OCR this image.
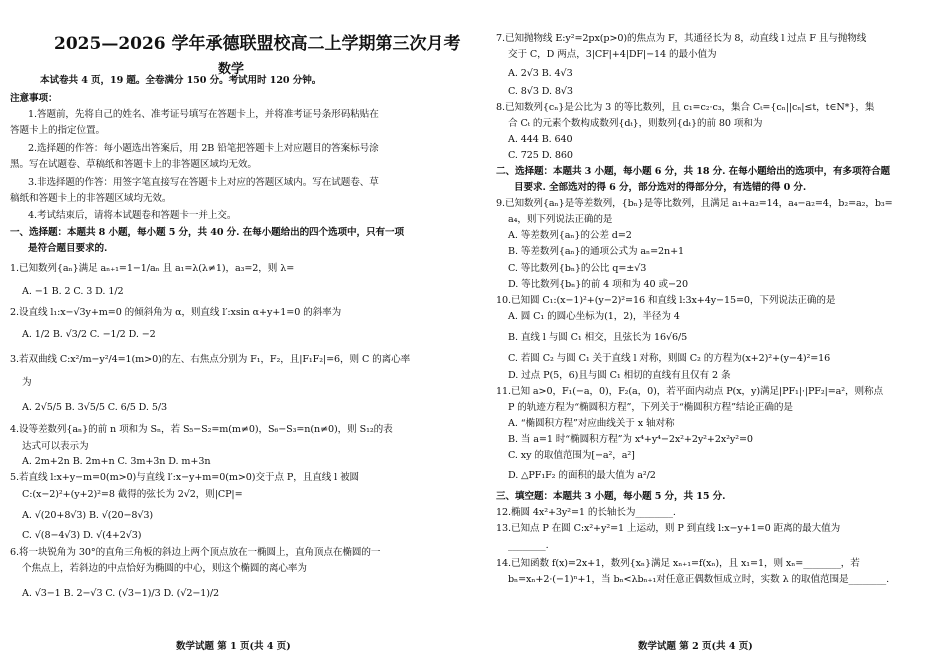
2025—2026 学年承德联盟校高二上学期第三次月考
数学
本试卷共 4 页，19 题。全卷满分 150 分。考试用时 120 分钟。
注意事项：
1.答题前，先将自己的姓名、准考证号填写在答题卡上，并将准考证号条形码粘贴在
答题卡上的指定位置。
2.选择题的作答：每小题选出答案后，用 2B 铅笔把答题卡上对应题目的答案标号涂
黑。写在试题卷、草稿纸和答题卡上的非答题区域均无效。
3.非选择题的作答：用签字笔直接写在答题卡上对应的答题区域内。写在试题卷、草
稿纸和答题卡上的非答题区域均无效。
4.考试结束后，请将本试题卷和答题卡一并上交。
一、选择题：本题共 8 小题，每小题 5 分，共 40 分. 在每小题给出的四个选项中，只有一项
是符合题目要求的.
1.已知数列{aₙ}满足 aₙ₊₁=1−1/aₙ 且 a₁=λ(λ≠1)，a₃=2，则 λ=
A. −1 B. 2 C. 3 D. 1/2
2.设直线 l₁:x−√3y+m=0 的倾斜角为 α，则直线 l′:xsin α+y+1=0 的斜率为
A. 1/2 B. √3/2 C. −1/2 D. −2
3.若双曲线 C:x²/m−y²/4=1(m>0)的左、右焦点分别为 F₁，F₂，且|F₁F₂|=6，则 C 的离心率
为
A. 2√5/5 B. 3√5/5 C. 6/5 D. 5/3
4.设等差数列{aₙ}的前 n 项和为 Sₙ，若 S₅−S₂=m(m≠0)，S₆−S₃=n(n≠0)，则 S₁₂的表
达式可以表示为
A. 2m+2n B. 2m+n C. 3m+3n D. m+3n
5.若直线 l:x+y−m=0(m>0)与直线 l′:x−y+m=0(m>0)交于点 P，且直线 l 被圆
C:(x−2)²+(y+2)²=8 截得的弦长为 2√2，则|CP|=
A. √(20+8√3) B. √(20−8√3)
C. √(8−4√3) D. √(4+2√3)
6.将一块锐角为 30°的直角三角板的斜边上两个顶点放在一椭圆上，直角顶点在椭圆的一
个焦点上，若斜边的中点恰好为椭圆的中心，则这个椭圆的离心率为
A. √3−1 B. 2−√3 C. (√3−1)/3 D. (√2−1)/2
数学试题 第 1 页(共 4 页)
7.已知抛物线 E:y²=2px(p>0)的焦点为 F，其通径长为 8，动直线 l 过点 F 且与抛物线
交于 C，D 两点，3|CF|+4|DF|−14 的最小值为
A. 2√3 B. 4√3
C. 8√3 D. 8√3
8.已知数列{cₙ}是公比为 3 的等比数列，且 c₁=c₂·c₃，集合 Cₜ={cₙ||cₙ|≤t，t∈N*}，集
合 Cₜ 的元素个数构成数列{dₜ}，则数列{dₜ}的前 80 项和为
A. 444 B. 640
C. 725 D. 860
二、选择题：本题共 3 小题，每小题 6 分，共 18 分. 在每小题给出的选项中，有多项符合题
目要求. 全部选对的得 6 分，部分选对的得部分分，有选错的得 0 分.
9.已知数列{aₙ}是等差数列，{bₙ}是等比数列，且满足 a₁+a₂=14，a₄−a₂=4，b₂=a₂，b₃=
a₄，则下列说法正确的是
A. 等差数列{aₙ}的公差 d=2
B. 等差数列{aₙ}的通项公式为 aₙ=2n+1
C. 等比数列{bₙ}的公比 q=±√3
D. 等比数列{bₙ}的前 4 项和为 40 或−20
10.已知圆 C₁:(x−1)²+(y−2)²=16 和直线 l:3x+4y−15=0，下列说法正确的是
A. 圆 C₁ 的圆心坐标为(1，2)，半径为 4
B. 直线 l 与圆 C₁ 相交，且弦长为 16√6/5
C. 若圆 C₂ 与圆 C₁ 关于直线 l 对称，则圆 C₂ 的方程为(x+2)²+(y−4)²=16
D. 过点 P(5，6)且与圆 C₁ 相切的直线有且仅有 2 条
11.已知 a>0，F₁(−a，0)，F₂(a，0)，若平面内动点 P(x，y)满足|PF₁|·|PF₂|=a²，则称点
P 的轨迹方程为“椭圆积方程”，下列关于“椭圆积方程”结论正确的是
A. “椭圆积方程”对应曲线关于 x 轴对称
B. 当 a=1 时“椭圆积方程”为 x⁴+y⁴−2x²+2y²+2x²y²=0
C. xy 的取值范围为[−a²，a²]
D. △PF₁F₂ 的面积的最大值为 a²/2
三、填空题：本题共 3 小题，每小题 5 分，共 15 分.
12.椭圆 4x²+3y²=1 的长轴长为________.
13.已知点 P 在圆 C:x²+y²=1 上运动，则 P 到直线 l:x−y+1=0 距离的最大值为
________.
14.已知函数 f(x)=2x+1，数列{xₙ}满足 xₙ₊₁=f(xₙ)，且 x₁=1，则 xₙ=________，若
bₙ=xₙ+2·(−1)ⁿ+1，当 bₙ<λbₙ₊₁对任意正偶数恒成立时，实数 λ 的取值范围是________.
数学试题 第 2 页(共 4 页)
